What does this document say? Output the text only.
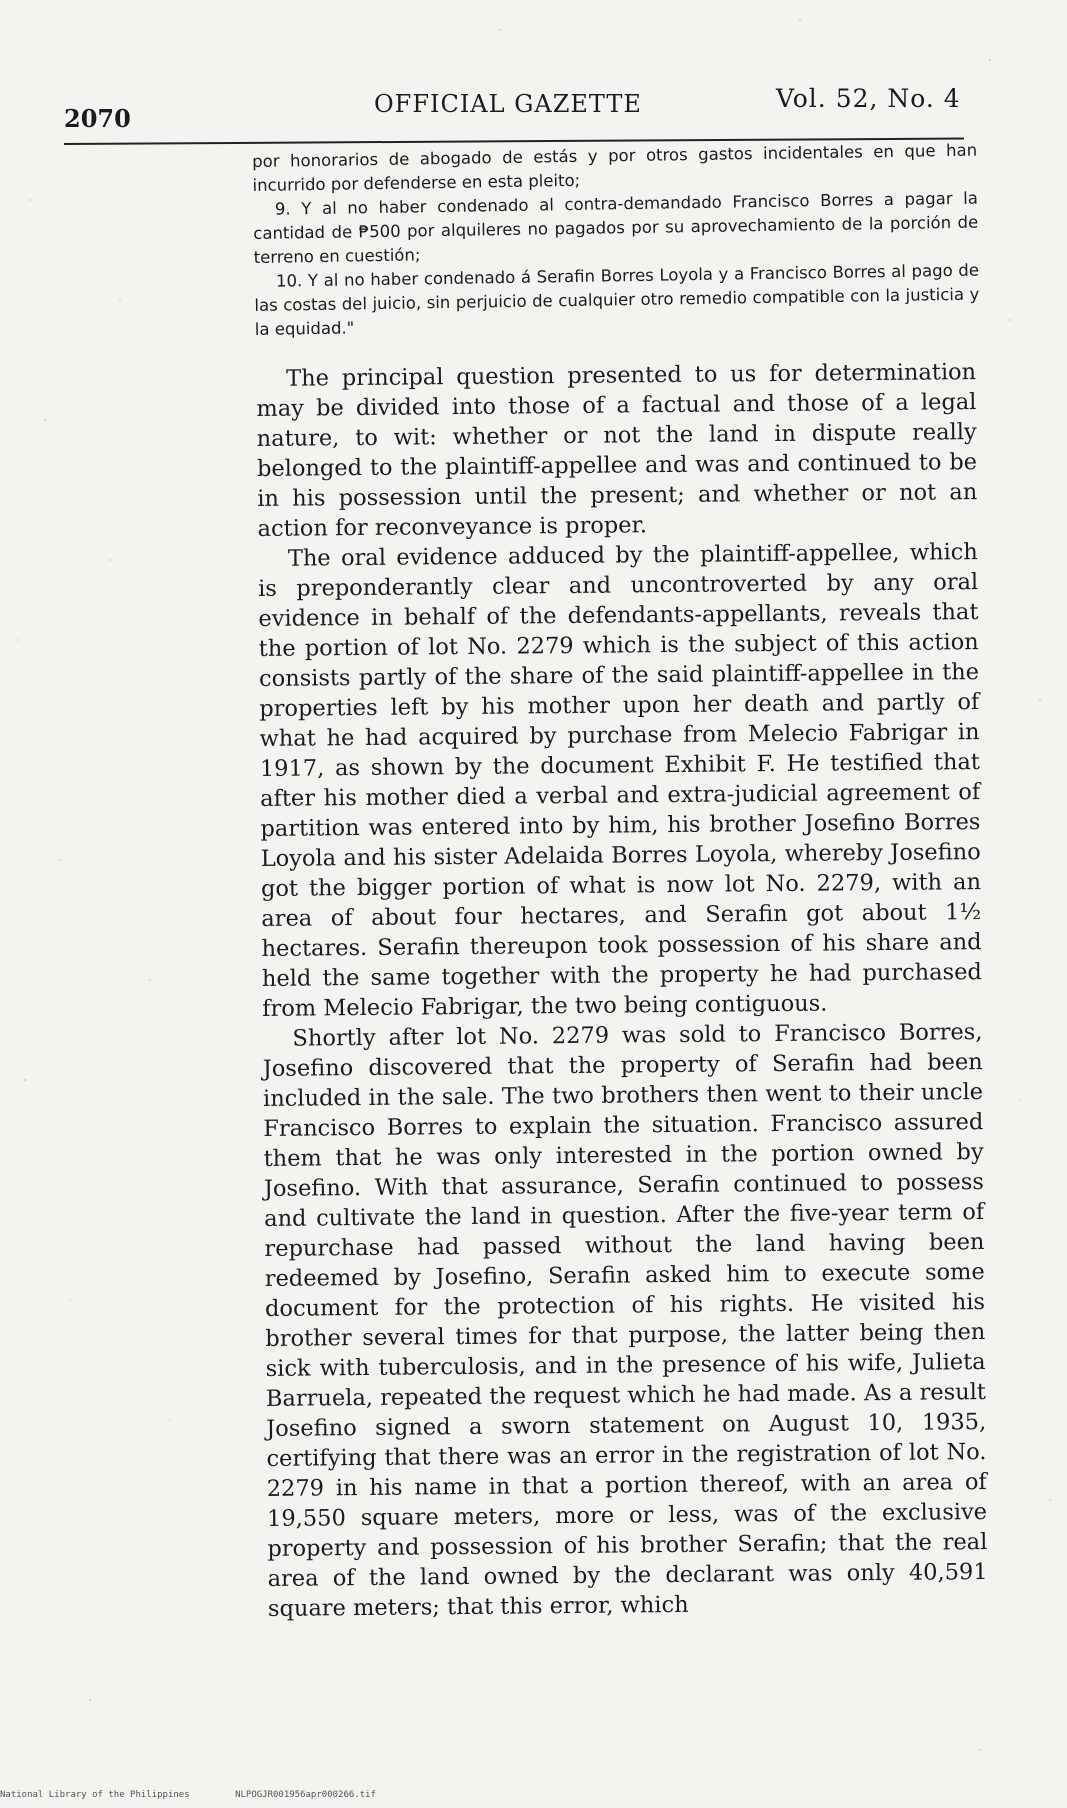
2070	OFFICIAL GAZETTE	Vol. 52, No. 4

por honorarios de abogado de estás y por otros gastos incidentales en que han incurrido por defenderse en esta pleito;

9. Y al no haber condenado al contra-demandado Francisco Borres a pagar la cantidad de ₱500 por alquileres no pagados por su aprovechamiento de la porción de terreno en cuestión;

10. Y al no haber condenado á Serafin Borres Loyola y a Francisco Borres al pago de las costas del juicio, sin perjuicio de cualquier otro remedio compatible con la justicia y la equidad."

The principal question presented to us for determination may be divided into those of a factual and those of a legal nature, to wit: whether or not the land in dispute really belonged to the plaintiff-appellee and was and continued to be in his possession until the present; and whether or not an action for reconveyance is proper.

The oral evidence adduced by the plaintiff-appellee, which is preponderantly clear and uncontroverted by any oral evidence in behalf of the defendants-appellants, reveals that the portion of lot No. 2279 which is the subject of this action consists partly of the share of the said plaintiff-appellee in the properties left by his mother upon her death and partly of what he had acquired by purchase from Melecio Fabrigar in 1917, as shown by the document Exhibit F. He testified that after his mother died a verbal and extra-judicial agreement of partition was entered into by him, his brother Josefino Borres Loyola and his sister Adelaida Borres Loyola, whereby Josefino got the bigger portion of what is now lot No. 2279, with an area of about four hectares, and Serafin got about 1½ hectares. Serafin thereupon took possession of his share and held the same together with the property he had purchased from Melecio Fabrigar, the two being contiguous.

Shortly after lot No. 2279 was sold to Francisco Borres, Josefino discovered that the property of Serafin had been included in the sale. The two brothers then went to their uncle Francisco Borres to explain the situation. Francisco assured them that he was only interested in the portion owned by Josefino. With that assurance, Serafin continued to possess and cultivate the land in question. After the five-year term of repurchase had passed without the land having been redeemed by Josefino, Serafin asked him to execute some document for the protection of his rights. He visited his brother several times for that purpose, the latter being then sick with tuberculosis, and in the presence of his wife, Julieta Barruela, repeated the request which he had made. As a result Josefino signed a sworn statement on August 10, 1935, certifying that there was an error in the registration of lot No. 2279 in his name in that a portion thereof, with an area of 19,550 square meters, more or less, was of the exclusive property and possession of his brother Serafin; that the real area of the land owned by the declarant was only 40,591 square meters; that this error, which

National Library of the Philippines	NLPOGJR001956apr000266.tif
